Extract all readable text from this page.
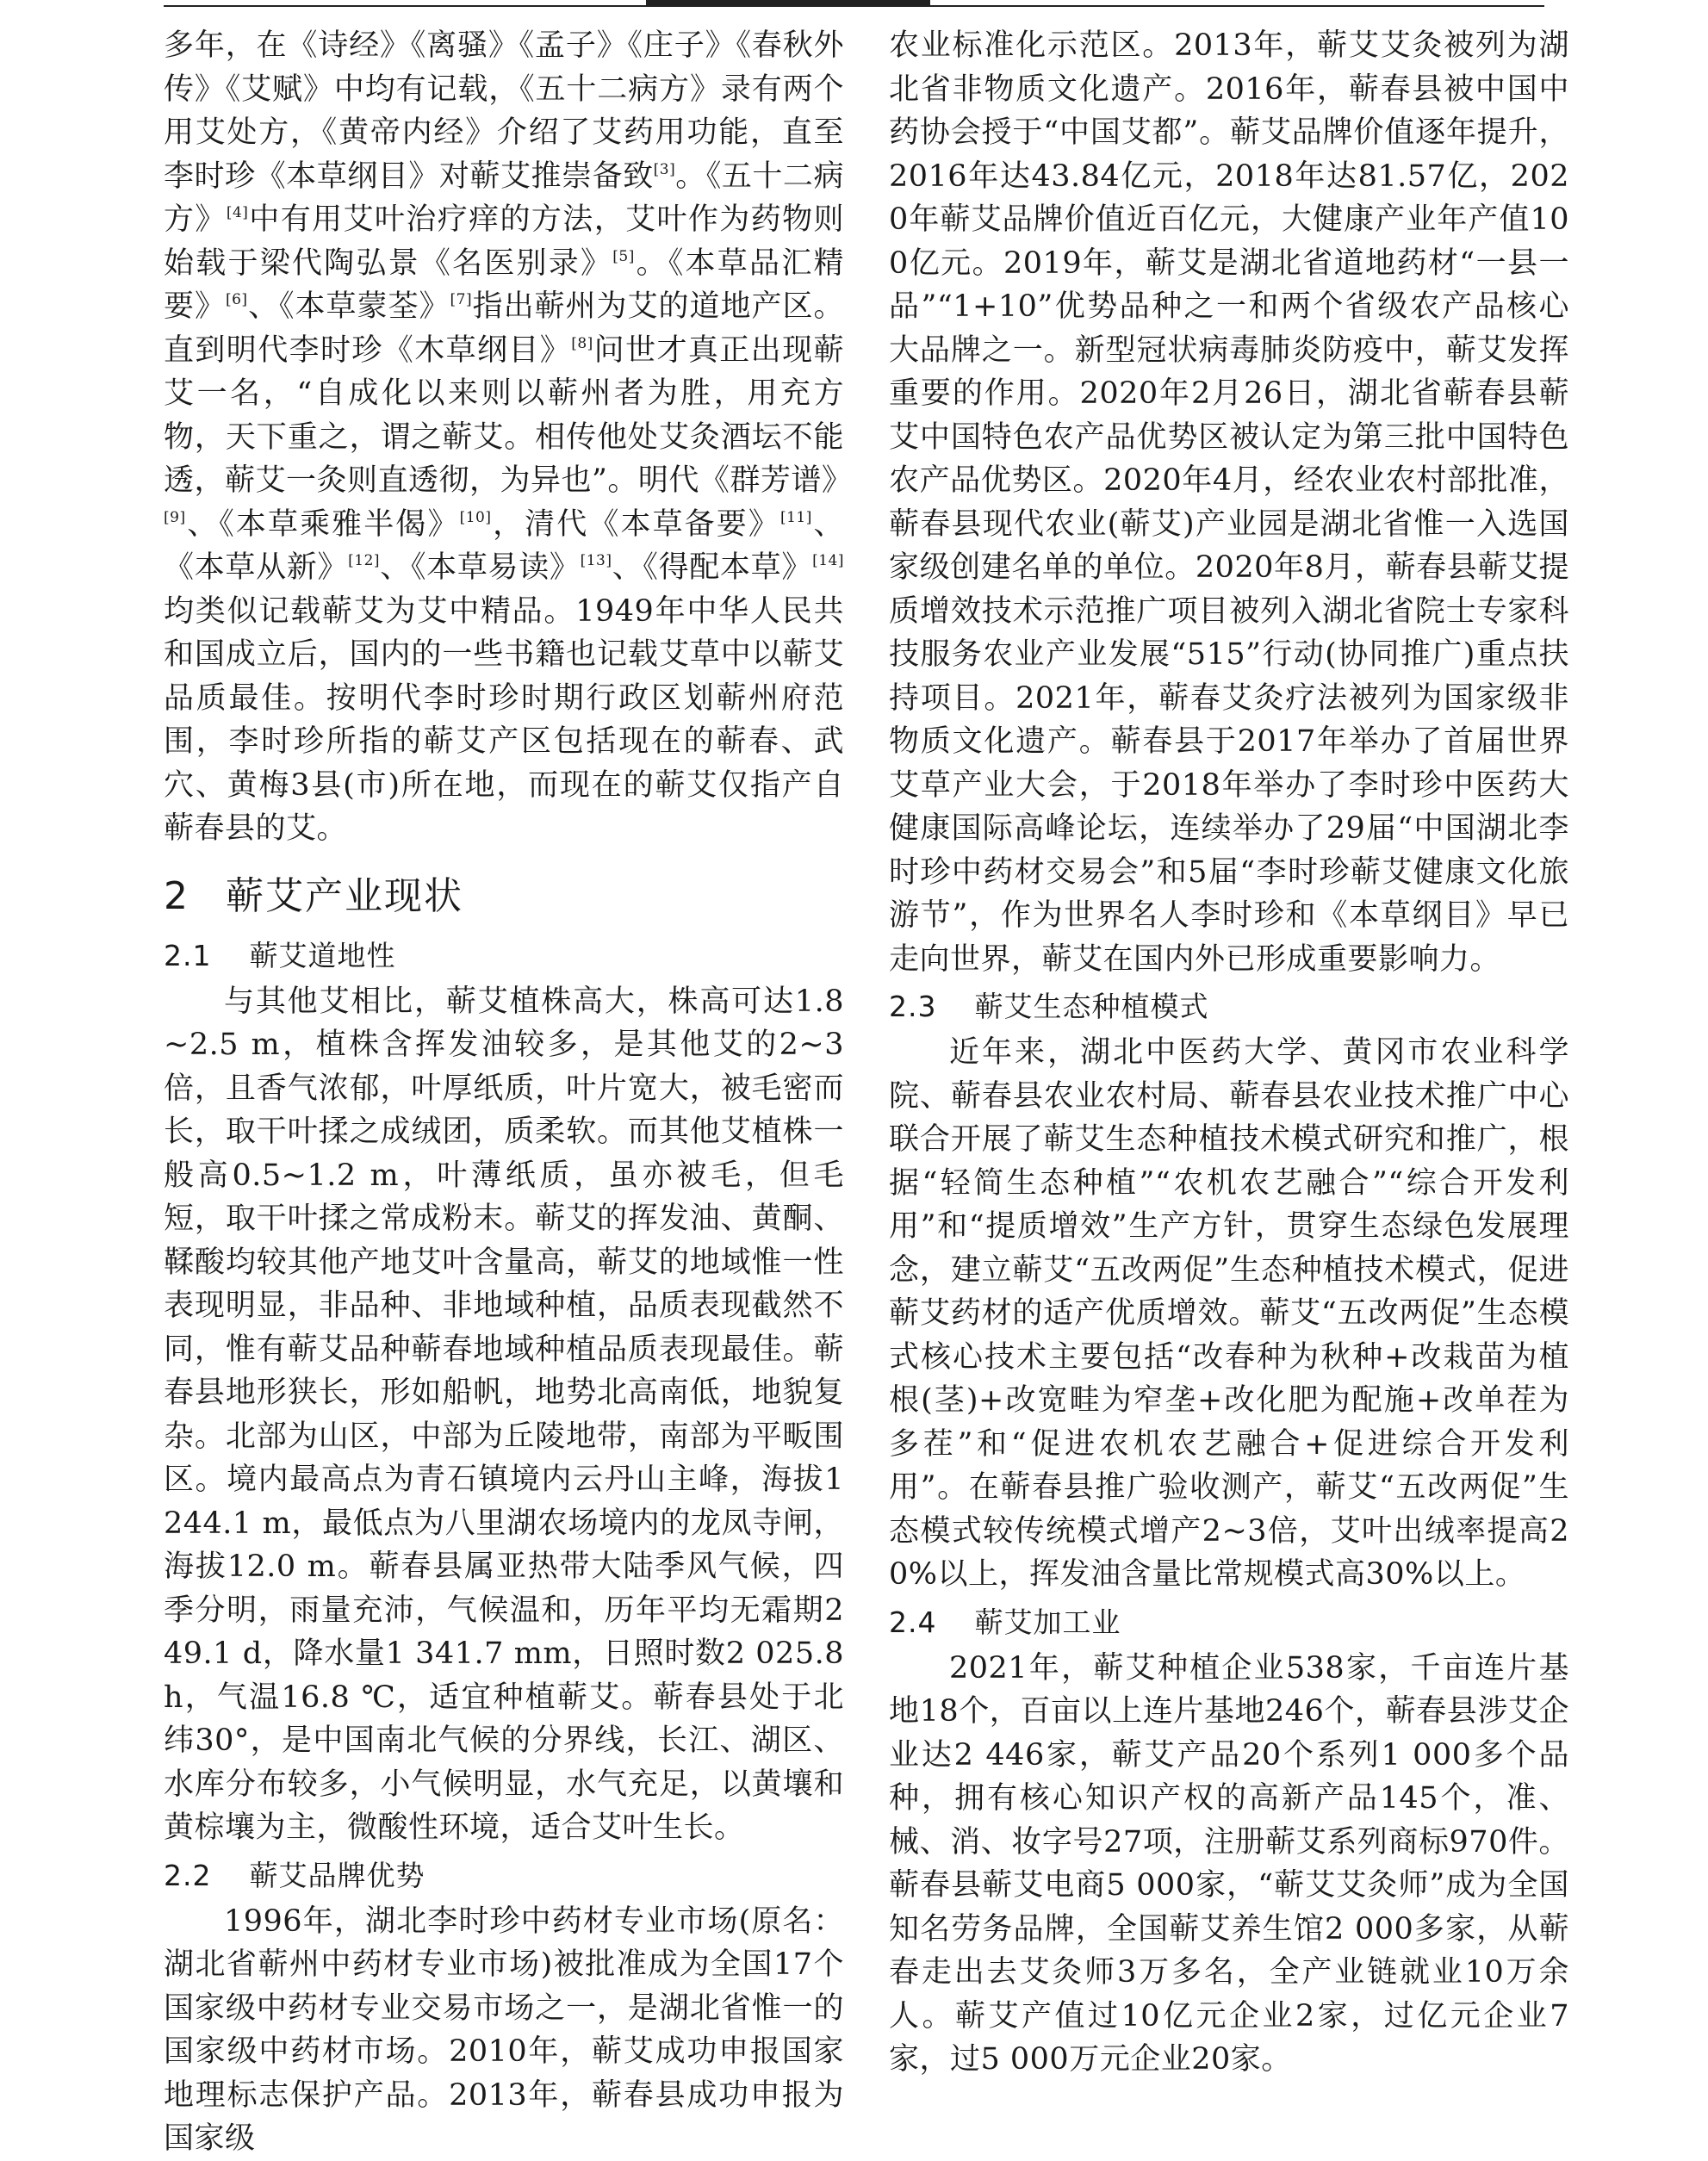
多年，在《诗经》《离骚》《孟子》《庄子》《春秋外传》《艾赋》中均有记载，《五十二病方》录有两个用艾处方，《黄帝内经》介绍了艾药用功能，直至李时珍《本草纲目》对蕲艾推崇备致[3]。《五十二病方》[4]中有用艾叶治疗痒的方法，艾叶作为药物则始载于梁代陶弘景《名医别录》[5]。《本草品汇精要》[6]、《本草蒙荃》[7]指出蕲州为艾的道地产区。直到明代李时珍《木草纲目》[8]问世才真正出现蕲艾一名，“自成化以来则以蕲州者为胜，用充方物，天下重之，谓之蕲艾。相传他处艾灸酒坛不能透，蕲艾一灸则直透彻，为异也”。明代《群芳谱》[9]、《本草乘雅半偈》[10]，清代《本草备要》[11]、《本草从新》[12]、《本草易读》[13]、《得配本草》[14]均类似记载蕲艾为艾中精品。1949年中华人民共和国成立后，国内的一些书籍也记载艾草中以蕲艾品质最佳。按明代李时珍时期行政区划蕲州府范围，李时珍所指的蕲艾产区包括现在的蕲春、武穴、黄梅3县(市)所在地，而现在的蕲艾仅指产自蕲春县的艾。

2 蕲艾产业现状
2.1 蕲艾道地性

与其他艾相比，蕲艾植株高大，株高可达1.8~2.5 m，植株含挥发油较多，是其他艾的2~3倍，且香气浓郁，叶厚纸质，叶片宽大，被毛密而长，取干叶揉之成绒团，质柔软。而其他艾植株一般高0.5~1.2 m，叶薄纸质，虽亦被毛，但毛短，取干叶揉之常成粉末。蕲艾的挥发油、黄酮、鞣酸均较其他产地艾叶含量高，蕲艾的地域惟一性表现明显，非品种、非地域种植，品质表现截然不同，惟有蕲艾品种蕲春地域种植品质表现最佳。蕲春县地形狭长，形如船帆，地势北高南低，地貌复杂。北部为山区，中部为丘陵地带，南部为平畈围区。境内最高点为青石镇境内云丹山主峰，海拔1 244.1 m，最低点为八里湖农场境内的龙凤寺闸，海拔12.0 m。蕲春县属亚热带大陆季风气候，四季分明，雨量充沛，气候温和，历年平均无霜期249.1 d，降水量1 341.7 mm，日照时数2 025.8 h，气温16.8 ℃，适宜种植蕲艾。蕲春县处于北纬30°，是中国南北气候的分界线，长江、湖区、水库分布较多，小气候明显，水气充足，以黄壤和黄棕壤为主，微酸性环境，适合艾叶生长。

2.2 蕲艾品牌优势

1996年，湖北李时珍中药材专业市场(原名：湖北省蕲州中药材专业市场)被批准成为全国17个国家级中药材专业交易市场之一，是湖北省惟一的国家级中药材市场。2010年，蕲艾成功申报国家地理标志保护产品。2013年，蕲春县成功申报为国家级

农业标准化示范区。2013年，蕲艾艾灸被列为湖北省非物质文化遗产。2016年，蕲春县被中国中药协会授于“中国艾都”。蕲艾品牌价值逐年提升，2016年达43.84亿元，2018年达81.57亿，2020年蕲艾品牌价值近百亿元，大健康产业年产值100亿元。2019年，蕲艾是湖北省道地药材“一县一品”“1+10”优势品种之一和两个省级农产品核心大品牌之一。新型冠状病毒肺炎防疫中，蕲艾发挥重要的作用。2020年2月26日，湖北省蕲春县蕲艾中国特色农产品优势区被认定为第三批中国特色农产品优势区。2020年4月，经农业农村部批准，蕲春县现代农业(蕲艾)产业园是湖北省惟一入选国家级创建名单的单位。2020年8月，蕲春县蕲艾提质增效技术示范推广项目被列入湖北省院士专家科技服务农业产业发展“515”行动(协同推广)重点扶持项目。2021年，蕲春艾灸疗法被列为国家级非物质文化遗产。蕲春县于2017年举办了首届世界艾草产业大会，于2018年举办了李时珍中医药大健康国际高峰论坛，连续举办了29届“中国湖北李时珍中药材交易会”和5届“李时珍蕲艾健康文化旅游节”，作为世界名人李时珍和《本草纲目》早已走向世界，蕲艾在国内外已形成重要影响力。

2.3 蕲艾生态种植模式

近年来，湖北中医药大学、黄冈市农业科学院、蕲春县农业农村局、蕲春县农业技术推广中心联合开展了蕲艾生态种植技术模式研究和推广，根据“轻简生态种植”“农机农艺融合”“综合开发利用”和“提质增效”生产方针，贯穿生态绿色发展理念，建立蕲艾“五改两促”生态种植技术模式，促进蕲艾药材的适产优质增效。蕲艾“五改两促”生态模式核心技术主要包括“改春种为秋种+改栽苗为植根(茎)+改宽畦为窄垄+改化肥为配施+改单茬为多茬”和“促进农机农艺融合+促进综合开发利用”。在蕲春县推广验收测产，蕲艾“五改两促”生态模式较传统模式增产2~3倍，艾叶出绒率提高20%以上，挥发油含量比常规模式高30%以上。

2.4 蕲艾加工业

2021年，蕲艾种植企业538家，千亩连片基地18个，百亩以上连片基地246个，蕲春县涉艾企业达2 446家，蕲艾产品20个系列1 000多个品种，拥有核心知识产权的高新产品145个，准、械、消、妆字号27项，注册蕲艾系列商标970件。蕲春县蕲艾电商5 000家，“蕲艾艾灸师”成为全国知名劳务品牌，全国蕲艾养生馆2 000多家，从蕲春走出去艾灸师3万多名，全产业链就业10万余人。蕲艾产值过10亿元企业2家，过亿元企业7家，过5 000万元企业20家。
